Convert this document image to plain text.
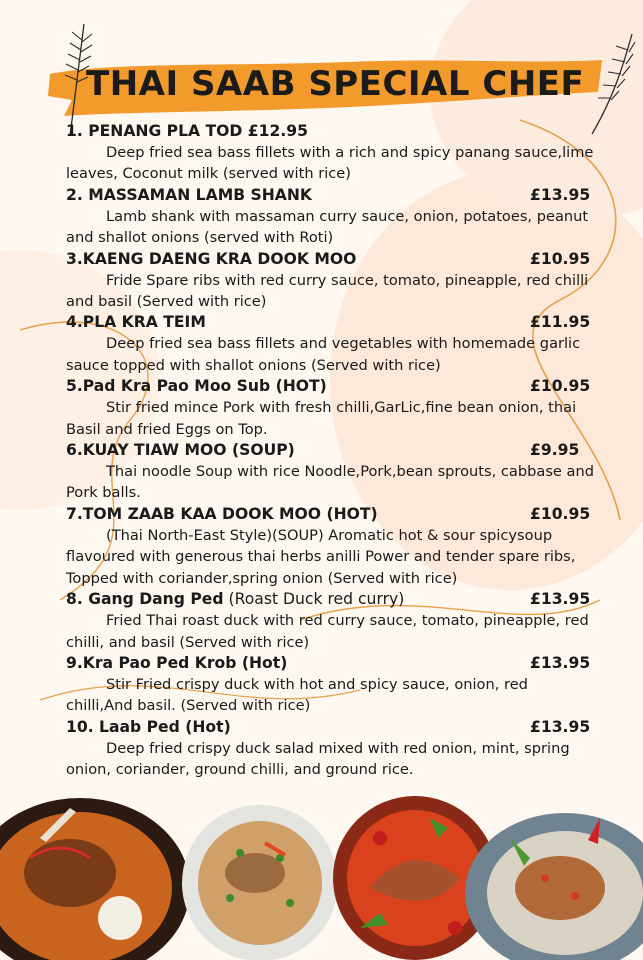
THAI SAAB SPECIAL CHEF
1. PENANG PLA TOD £12.95

Deep fried sea bass fillets with a rich and spicy panang sauce,lime leaves, Coconut milk (served with rice)

2. MASSAMAN LAMB SHANK	£13.95

Lamb shank with massaman curry sauce, onion, potatoes, peanut and shallot onions (served with Roti)

3.KAENG DAENG KRA DOOK MOO	£10.95

Fride Spare ribs with red curry sauce, tomato, pineapple, red chilli and basil (Served with rice)

4.PLA KRA TEIM	£11.95

Deep fried sea bass fillets and vegetables with homemade garlic sauce topped with shallot onions (Served with rice)

5.Pad Kra Pao Moo Sub (HOT)	£10.95

Stir fried mince Pork with fresh chilli,GarLic,fine bean onion, thai Basil and fried Eggs on Top.

6.KUAY TIAW MOO (SOUP)	£9.95

Thai noodle Soup with rice Noodle,Pork,bean sprouts, cabbase and Pork balls.

7.TOM ZAAB KAA DOOK MOO (HOT)	£10.95

(Thai North-East Style)(SOUP) Aromatic hot & sour spicysoup flavoured with generous thai herbs anilli Power and tender spare ribs, Topped with coriander,spring onion (Served with rice)

8. Gang Dang Ped (Roast Duck red curry)	£13.95

Fried Thai roast duck with red curry sauce, tomato, pineapple, red chilli, and basil (Served with rice)

9.Kra Pao Ped Krob (Hot)	£13.95

Stir Fried crispy duck with hot and spicy sauce, onion, red chilli,And basil. (Served with rice)

10. Laab Ped (Hot)	£13.95

Deep fried crispy duck salad mixed with red onion, mint, spring onion, coriander, ground chilli, and ground rice.
